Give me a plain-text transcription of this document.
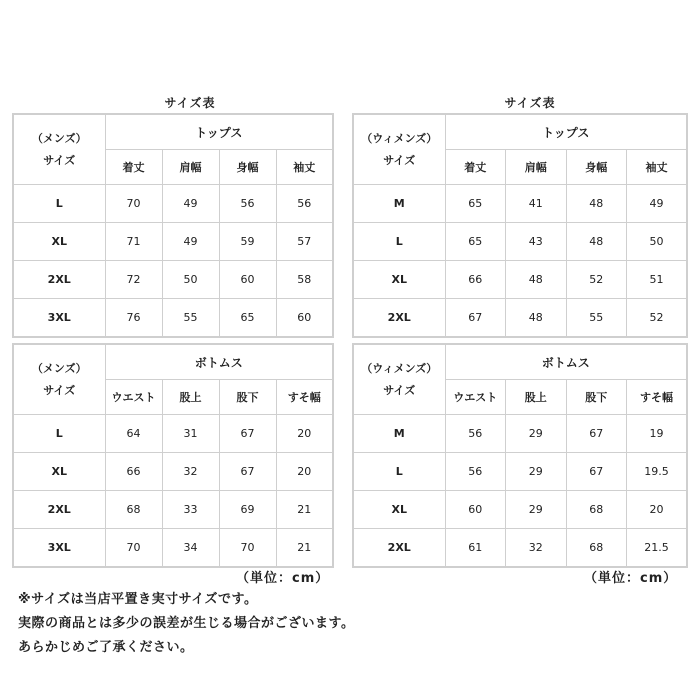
サイズ表	サイズ表
（メンズ）
サイズ	トップス			
	着丈	肩幅	身幅	袖丈
L	70	49	56	56
XL	71	49	59	57
2XL	72	50	60	58
3XL	76	55	65	60
（ウィメンズ）
サイズ	トップス			
	着丈	肩幅	身幅	袖丈
M	65	41	48	49
L	65	43	48	50
XL	66	48	52	51
2XL	67	48	55	52
（メンズ）
サイズ	ボトムス			
	ウエスト	股上	股下	すそ幅
L	64	31	67	20
XL	66	32	67	20
2XL	68	33	69	21
3XL	70	34	70	21
（ウィメンズ）
サイズ	ボトムス			
	ウエスト	股上	股下	すそ幅
M	56	29	67	19
L	56	29	67	19.5
XL	60	29	68	20
2XL	61	32	68	21.5
（単位：cm）	（単位：cm）
※サイズは当店平置き実寸サイズです。
実際の商品とは多少の誤差が生じる場合がございます。
あらかじめご了承ください。
